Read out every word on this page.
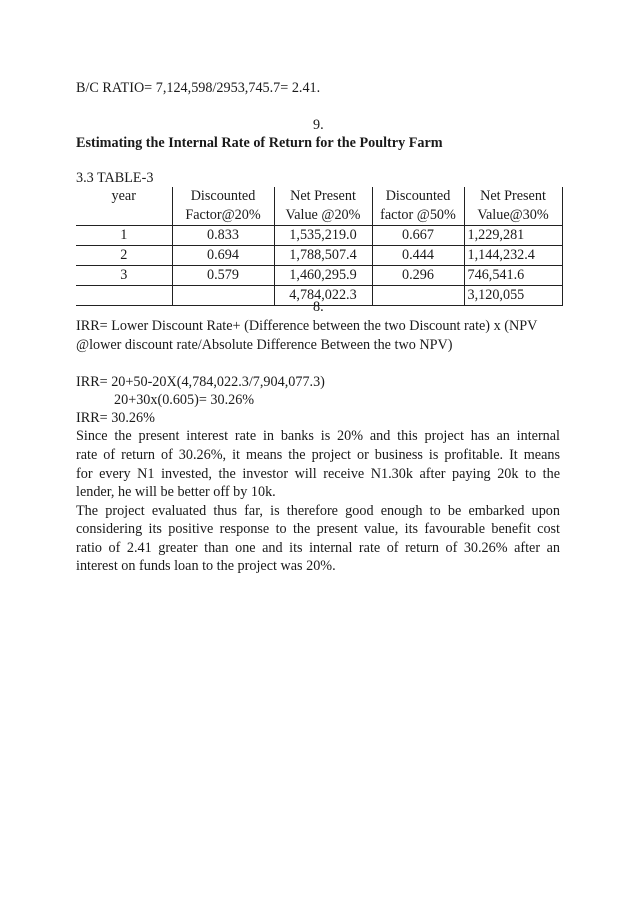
B/C RATIO= 7,124,598/2953,745.7= 2.41.
9.
Estimating the Internal Rate of Return for the Poultry Farm
3.3 TABLE-3
year	Discounted	Net Present	Discounted	Net Present
	Factor@20%	Value @20%	factor @50%	Value@30%
1	0.833	1,535,219.0	0.667	1,229,281
2	0.694	1,788,507.4	0.444	1,144,232.4
3	0.579	1,460,295.9	0.296	746,541.6
		4,784,022.3		3,120,055
8.
IRR= Lower Discount Rate+ (Difference between the two Discount rate) x (NPV
@lower discount rate/Absolute Difference Between the two NPV)
IRR= 20+50-20X(4,784,022.3/7,904,077.3)
20+30x(0.605)= 30.26%
IRR= 30.26%
Since the present interest rate in banks is 20% and this project has an internal
rate of return of 30.26%, it means the project or business is profitable. It means
for every N1 invested, the investor will receive N1.30k after paying 20k to the
lender, he will be better off by 10k.
The project evaluated thus far, is therefore good enough to be embarked upon
considering its positive response to the present value, its favourable benefit cost
ratio of 2.41 greater than one and its internal rate of return of 30.26% after an
interest on funds loan to the project was 20%.
